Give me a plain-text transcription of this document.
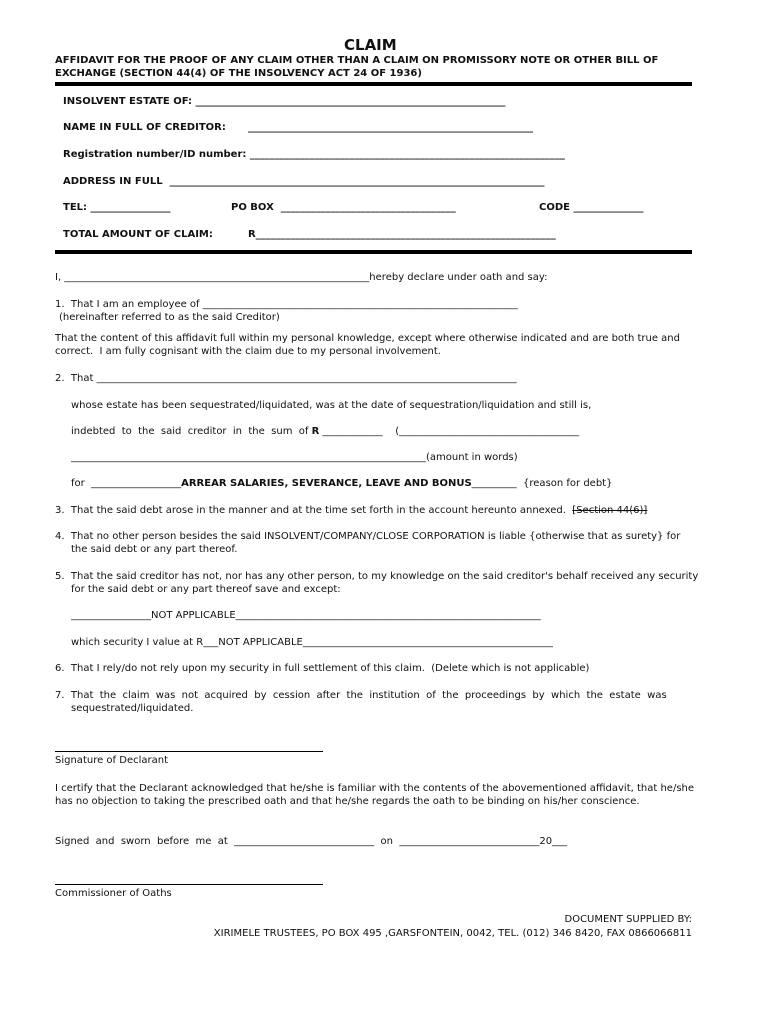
CLAIM
AFFIDAVIT FOR THE PROOF OF ANY CLAIM OTHER THAN A CLAIM ON PROMISSORY NOTE OR OTHER BILL OF
EXCHANGE (SECTION 44(4) OF THE INSOLVENCY ACT 24 OF 1936)
INSOLVENT ESTATE OF: ______________________________________________________________
NAME IN FULL OF CREDITOR: _________________________________________________________
Registration number/ID number: _______________________________________________________________
ADDRESS IN FULL  ___________________________________________________________________________
TEL: ________________	PO BOX  ___________________________________	CODE ______________
TOTAL AMOUNT OF CLAIM:	R____________________________________________________________
I, _____________________________________________________________hereby declare under oath and say:
1.  That I am an employee of _______________________________________________________________
(hereinafter referred to as the said Creditor)
That the content of this affidavit full within my personal knowledge, except where otherwise indicated and are both true and
correct.  I am fully cognisant with the claim due to my personal involvement.
2.  That ____________________________________________________________________________________
whose estate has been sequestrated/liquidated, was at the date of sequestration/liquidation and still is,
indebted  to  the  said  creditor  in  the  sum  of R ____________    (____________________________________
_______________________________________________________________________(amount in words)
for  __________________ARREAR SALARIES, SEVERANCE, LEAVE AND BONUS_________  {reason for debt}
3.  That the said debt arose in the manner and at the time set forth in the account hereunto annexed.  [Section 44(6)]
4.  That no other person besides the said INSOLVENT/COMPANY/CLOSE CORPORATION is liable {otherwise that as surety} for
the said debt or any part thereof.
5.  That the said creditor has not, nor has any other person, to my knowledge on the said creditor's behalf received any security
for the said debt or any part thereof save and except:
________________NOT APPLICABLE_____________________________________________________________
which security I value at R___NOT APPLICABLE__________________________________________________
6.  That I rely/do not rely upon my security in full settlement of this claim.  (Delete which is not applicable)
7.  That  the  claim  was  not  acquired  by  cession  after  the  institution  of  the  proceedings  by  which  the  estate  was
sequestrated/liquidated.
Signature of Declarant
I certify that the Declarant acknowledged that he/she is familiar with the contents of the abovementioned affidavit, that he/she
has no objection to taking the prescribed oath and that he/she regards the oath to be binding on his/her conscience.
Signed  and  sworn  before  me  at  ____________________________  on  ____________________________20___
Commissioner of Oaths
DOCUMENT SUPPLIED BY:
XIRIMELE TRUSTEES, PO BOX 495 ,GARSFONTEIN, 0042, TEL. (012) 346 8420, FAX 0866066811
